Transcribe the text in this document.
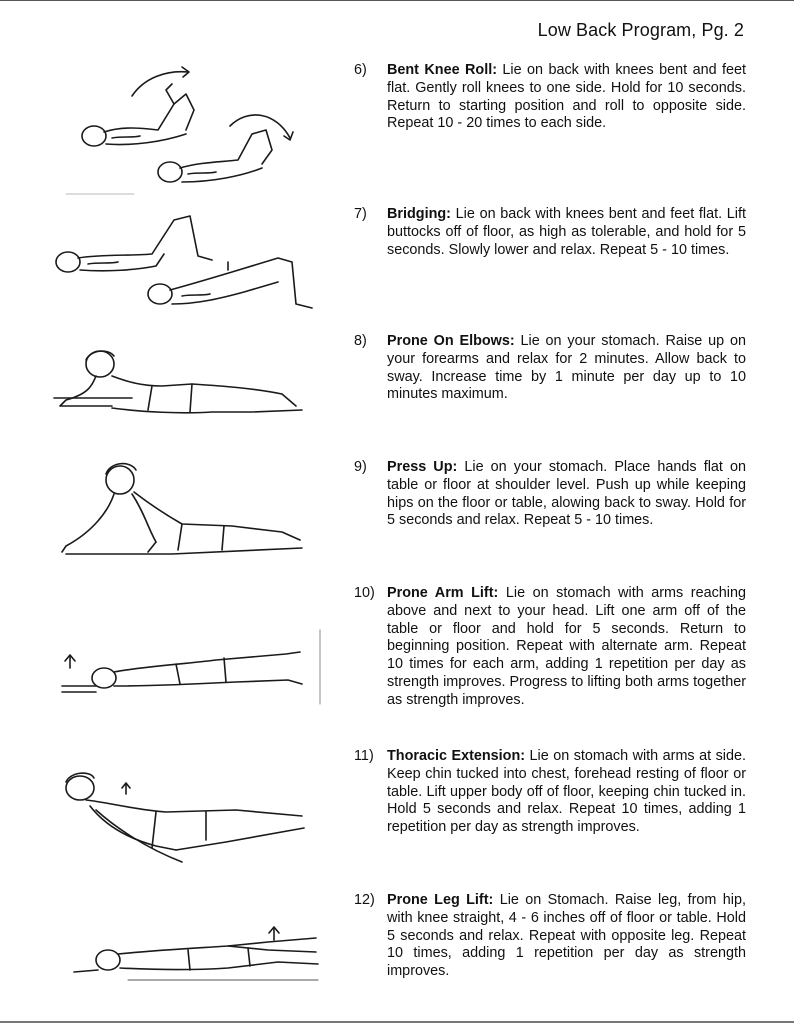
Low Back Program, Pg. 2
6)	Bent Knee Roll: Lie on back with knees bent and feet flat. Gently roll knees to one side. Hold for 10 seconds. Return to starting position and roll to opposite side. Repeat 10 - 20 times to each side.
7)	Bridging: Lie on back with knees bent and feet flat. Lift buttocks off of floor, as high as tolerable, and hold for 5 seconds. Slowly lower and relax. Repeat 5 - 10 times.
8)	Prone On Elbows: Lie on your stomach. Raise up on your forearms and relax for 2 minutes. Allow back to sway. Increase time by 1 minute per day up to 10 minutes maximum.
9)	Press Up: Lie on your stomach. Place hands flat on table or floor at shoulder level. Push up while keeping hips on the floor or table, alowing back to sway. Hold for 5 seconds and relax. Repeat 5 - 10 times.
10) Prone Arm Lift: Lie on stomach with arms reaching above and next to your head. Lift one arm off of the table or floor and hold for 5 seconds. Return to beginning position. Repeat with alternate arm. Repeat 10 times for each arm, adding 1 repetition per day as strength improves. Progress to lifting both arms together as strength improves.
11) Thoracic Extension: Lie on stomach with arms at side. Keep chin tucked into chest, forehead resting of floor or table. Lift upper body off of floor, keeping chin tucked in. Hold 5 seconds and relax. Repeat 10 times, adding 1 repetition per day as strength improves.
12) Prone Leg Lift: Lie on Stomach. Raise leg, from hip, with knee straight, 4 - 6 inches off of floor or table. Hold 5 seconds and relax. Repeat with opposite leg. Repeat 10 times, adding 1 repetition per day as strength improves.
